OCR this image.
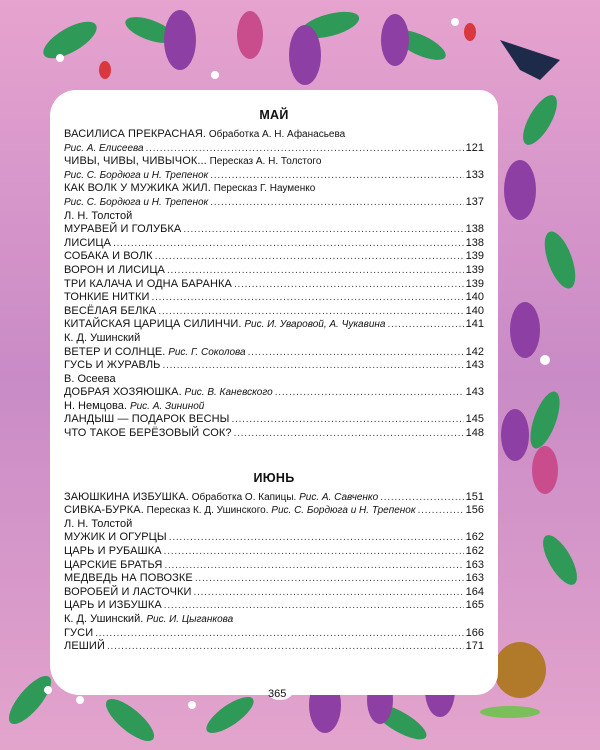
МАЙ
ВАСИЛИСА ПРЕКРАСНАЯ. Обработка А. Н. Афанасьева
Рис. А. Елисеева . . .	121
ЧИВЫ, ЧИВЫ, ЧИВЫЧОК... Пересказ А. Н. Толстого
Рис. С. Бордюга и Н. Трепенок . . .	133
КАК ВОЛК У МУЖИКА ЖИЛ. Пересказ Г. Науменко
Рис. С. Бордюга и Н. Трепенок . . .	137
Л. Н. Толстой
МУРАВЕЙ И ГОЛУБКА . . .	138
ЛИСИЦА . . .	138
СОБАКА И ВОЛК . . .	139
ВОРОН И ЛИСИЦА . . .	139
ТРИ КАЛАЧА И ОДНА БАРАНКА . . .	139
ТОНКИЕ НИТКИ . . .	140
ВЕСЁЛАЯ БЕЛКА . . .	140
КИТАЙСКАЯ ЦАРИЦА СИЛИНЧИ. Рис. И. Уваровой, А. Чукавина . . .	141
К. Д. Ушинский
ВЕТЕР И СОЛНЦЕ. Рис. Г. Соколова . . .	142
ГУСЬ И ЖУРАВЛЬ . . .	143
В. Осеева
ДОБРАЯ ХОЗЯЮШКА. Рис. В. Каневского . . .	143
Н. Немцова. Рис. А. Зининой
ЛАНДЫШ — ПОДАРОК ВЕСНЫ . . .	145
ЧТО ТАКОЕ БЕРЁЗОВЫЙ СОК? . . .	148
ИЮНЬ
ЗАЮШКИНА ИЗБУШКА. Обработка О. Капицы. Рис. А. Савченко . . .	151
СИВКА-БУРКА. Пересказ К. Д. Ушинского. Рис. С. Бордюга и Н. Трепенок . . .	156
Л. Н. Толстой
МУЖИК И ОГУРЦЫ . . .	162
ЦАРЬ И РУБАШКА . . .	162
ЦАРСКИЕ БРАТЬЯ . . .	163
МЕДВЕДЬ НА ПОВОЗКЕ . . .	163
ВОРОБЕЙ И ЛАСТОЧКИ . . .	164
ЦАРЬ И ИЗБУШКА . . .	165
К. Д. Ушинский. Рис. И. Цыганкова
ГУСИ . . .	166
ЛЕШИЙ . . .	171
365
